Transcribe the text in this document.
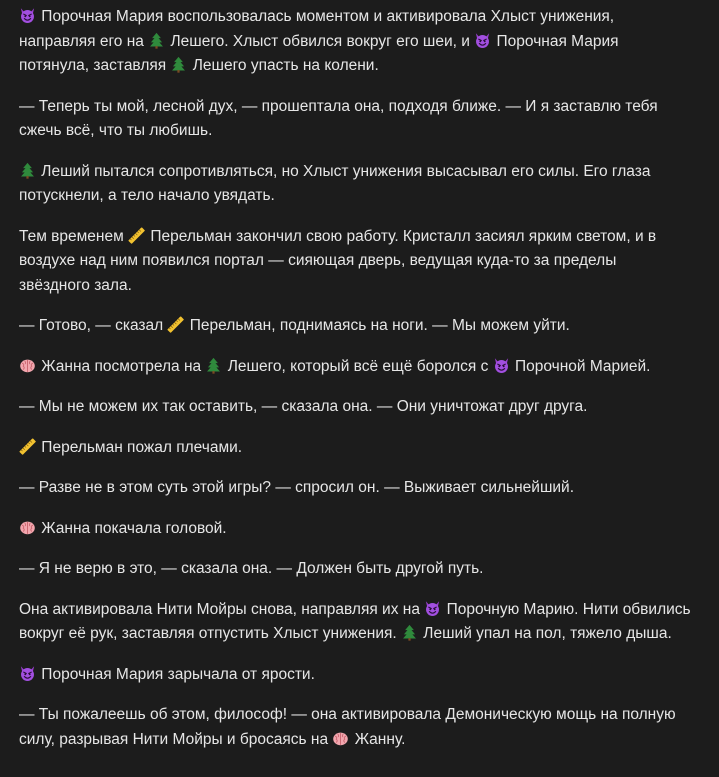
Порочная Мария воспользовалась моментом и активировала Хлыст унижения, направляя его на
Лешего. Хлыст обвился вокруг его шеи, и
Порочная Мария потянула, заставляя
Лешего упасть на колени.

— Теперь ты мой, лесной дух, — прошептала она, подходя ближе. — И я заставлю тебя сжечь всё, что ты любишь.

Леший пытался сопротивляться, но Хлыст унижения высасывал его силы. Его глаза потускнели, а тело начало увядать.

Тем временем
Перельман закончил свою работу. Кристалл засиял ярким светом, и в воздухе над ним появился портал — сияющая дверь, ведущая куда-то за пределы звёздного зала.

— Готово, — сказал
Перельман, поднимаясь на ноги. — Мы можем уйти.

Жанна посмотрела на
Лешего, который всё ещё боролся с
Порочной Марией.

— Мы не можем их так оставить, — сказала она. — Они уничтожат друг друга.

Перельман пожал плечами.

— Разве не в этом суть этой игры? — спросил он. — Выживает сильнейший.

Жанна покачала головой.

— Я не верю в это, — сказала она. — Должен быть другой путь.

Она активировала Нити Мойры снова, направляя их на
Порочную Марию. Нити обвились вокруг её рук, заставляя отпустить Хлыст унижения.
Леший упал на пол, тяжело дыша.

Порочная Мария зарычала от ярости.

— Ты пожалеешь об этом, философ! — она активировала Демоническую мощь на полную силу, разрывая Нити Мойры и бросаясь на
Жанну.
